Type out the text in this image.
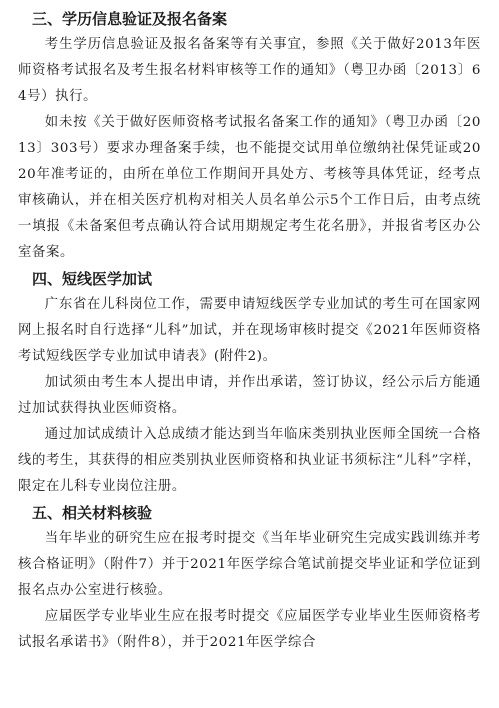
三、学历信息验证及报名备案

考生学历信息验证及报名备案等有关事宜，参照《关于做好2013年医师资格考试报名及考生报名材料审核等工作的通知》（粤卫办函〔2013〕64号）执行。

如未按《关于做好医师资格考试报名备案工作的通知》（粤卫办函〔2013〕303号）要求办理备案手续，也不能提交试用单位缴纳社保凭证或2020年准考证的，由所在单位工作期间开具处方、考核等具体凭证，经考点审核确认，并在相关医疗机构对相关人员名单公示5个工作日后，由考点统一填报《未备案但考点确认符合试用期规定考生花名册》，并报省考区办公室备案。

四、短线医学加试

广东省在儿科岗位工作，需要申请短线医学专业加试的考生可在国家网网上报名时自行选择“儿科”加试，并在现场审核时提交《2021年医师资格考试短线医学专业加试申请表》(附件2)。

加试须由考生本人提出申请，并作出承诺，签订协议，经公示后方能通过加试获得执业医师资格。

通过加试成绩计入总成绩才能达到当年临床类别执业医师全国统一合格线的考生，其获得的相应类别执业医师资格和执业证书须标注“儿科”字样，限定在儿科专业岗位注册。

五、相关材料核验

当年毕业的研究生应在报考时提交《当年毕业研究生完成实践训练并考核合格证明》（附件7）并于2021年医学综合笔试前提交毕业证和学位证到报名点办公室进行核验。

应届医学专业毕业生应在报考时提交《应届医学专业毕业生医师资格考试报名承诺书》（附件8），并于2021年医学综合
